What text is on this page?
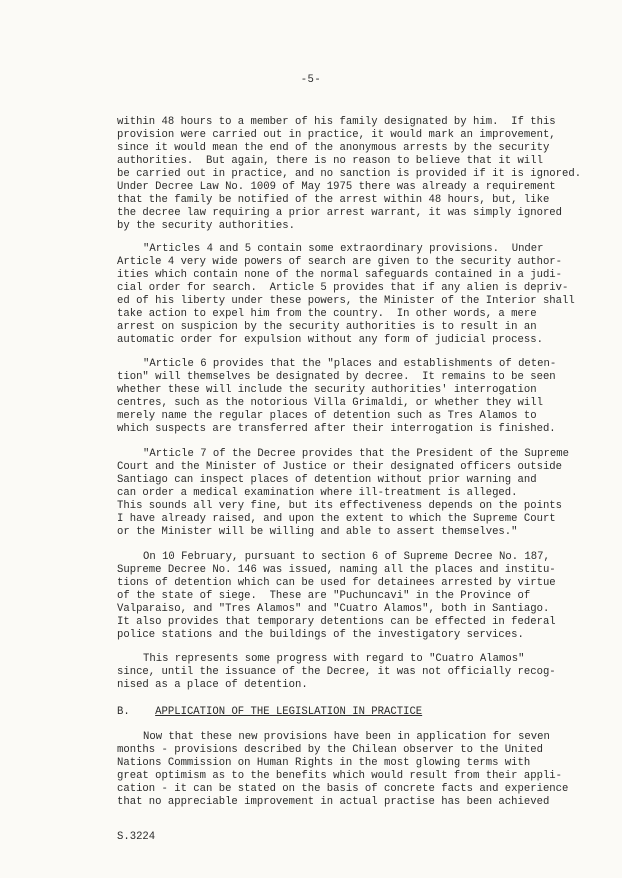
-5-
within 48 hours to a member of his family designated by him.  If this
provision were carried out in practice, it would mark an improvement,
since it would mean the end of the anonymous arrests by the security
authorities.  But again, there is no reason to believe that it will
be carried out in practice, and no sanction is provided if it is ignored.
Under Decree Law No. 1009 of May 1975 there was already a requirement
that the family be notified of the arrest within 48 hours, but, like
the decree law requiring a prior arrest warrant, it was simply ignored
by the security authorities.
"Articles 4 and 5 contain some extraordinary provisions.  Under
Article 4 very wide powers of search are given to the security author-
ities which contain none of the normal safeguards contained in a judi-
cial order for search.  Article 5 provides that if any alien is depriv-
ed of his liberty under these powers, the Minister of the Interior shall
take action to expel him from the country.  In other words, a mere
arrest on suspicion by the security authorities is to result in an
automatic order for expulsion without any form of judicial process.
"Article 6 provides that the "places and establishments of deten-
tion" will themselves be designated by decree.  It remains to be seen
whether these will include the security authorities' interrogation
centres, such as the notorious Villa Grimaldi, or whether they will
merely name the regular places of detention such as Tres Alamos to
which suspects are transferred after their interrogation is finished.
"Article 7 of the Decree provides that the President of the Supreme
Court and the Minister of Justice or their designated officers outside
Santiago can inspect places of detention without prior warning and
can order a medical examination where ill-treatment is alleged.
This sounds all very fine, but its effectiveness depends on the points
I have already raised, and upon the extent to which the Supreme Court
or the Minister will be willing and able to assert themselves."
On 10 February, pursuant to section 6 of Supreme Decree No. 187,
Supreme Decree No. 146 was issued, naming all the places and institu-
tions of detention which can be used for detainees arrested by virtue
of the state of siege.  These are "Puchuncavi" in the Province of
Valparaiso, and "Tres Alamos" and "Cuatro Alamos", both in Santiago.
It also provides that temporary detentions can be effected in federal
police stations and the buildings of the investigatory services.
This represents some progress with regard to "Cuatro Alamos"
since, until the issuance of the Decree, it was not officially recog-
nised as a place of detention.
Now that these new provisions have been in application for seven
months - provisions described by the Chilean observer to the United
Nations Commission on Human Rights in the most glowing terms with
great optimism as to the benefits which would result from their appli-
cation - it can be stated on the basis of concrete facts and experience
that no appreciable improvement in actual practise has been achieved
B. APPLICATION OF THE LEGISLATION IN PRACTICE
S.3224
